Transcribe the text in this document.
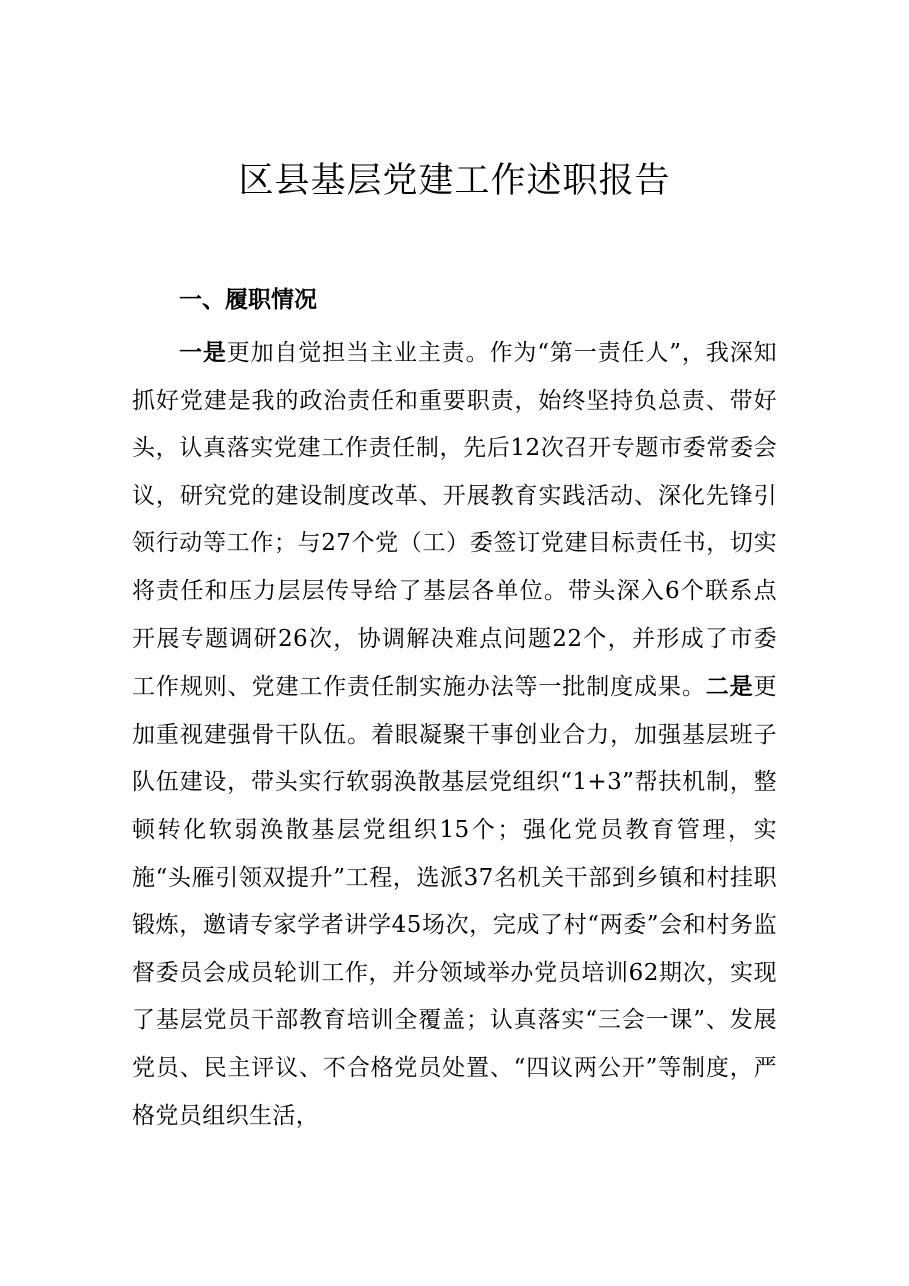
区县基层党建工作述职报告
一、履职情况

一是更加自觉担当主业主责。作为“第一责任人”，我深知抓好党建是我的政治责任和重要职责，始终坚持负总责、带好头，认真落实党建工作责任制，先后12次召开专题市委常委会议，研究党的建设制度改革、开展教育实践活动、深化先锋引领行动等工作；与27个党（工）委签订党建目标责任书，切实将责任和压力层层传导给了基层各单位。带头深入6个联系点开展专题调研26次，协调解决难点问题22个，并形成了市委工作规则、党建工作责任制实施办法等一批制度成果。二是更加重视建强骨干队伍。着眼凝聚干事创业合力，加强基层班子队伍建设，带头实行软弱涣散基层党组织“1+3”帮扶机制，整顿转化软弱涣散基层党组织15个；强化党员教育管理，实施“头雁引领双提升”工程，选派37名机关干部到乡镇和村挂职锻炼，邀请专家学者讲学45场次，完成了村“两委”会和村务监督委员会成员轮训工作，并分领域举办党员培训62期次，实现了基层党员干部教育培训全覆盖；认真落实“三会一课”、发展党员、民主评议、不合格党员处置、“四议两公开”等制度，严格党员组织生活，
